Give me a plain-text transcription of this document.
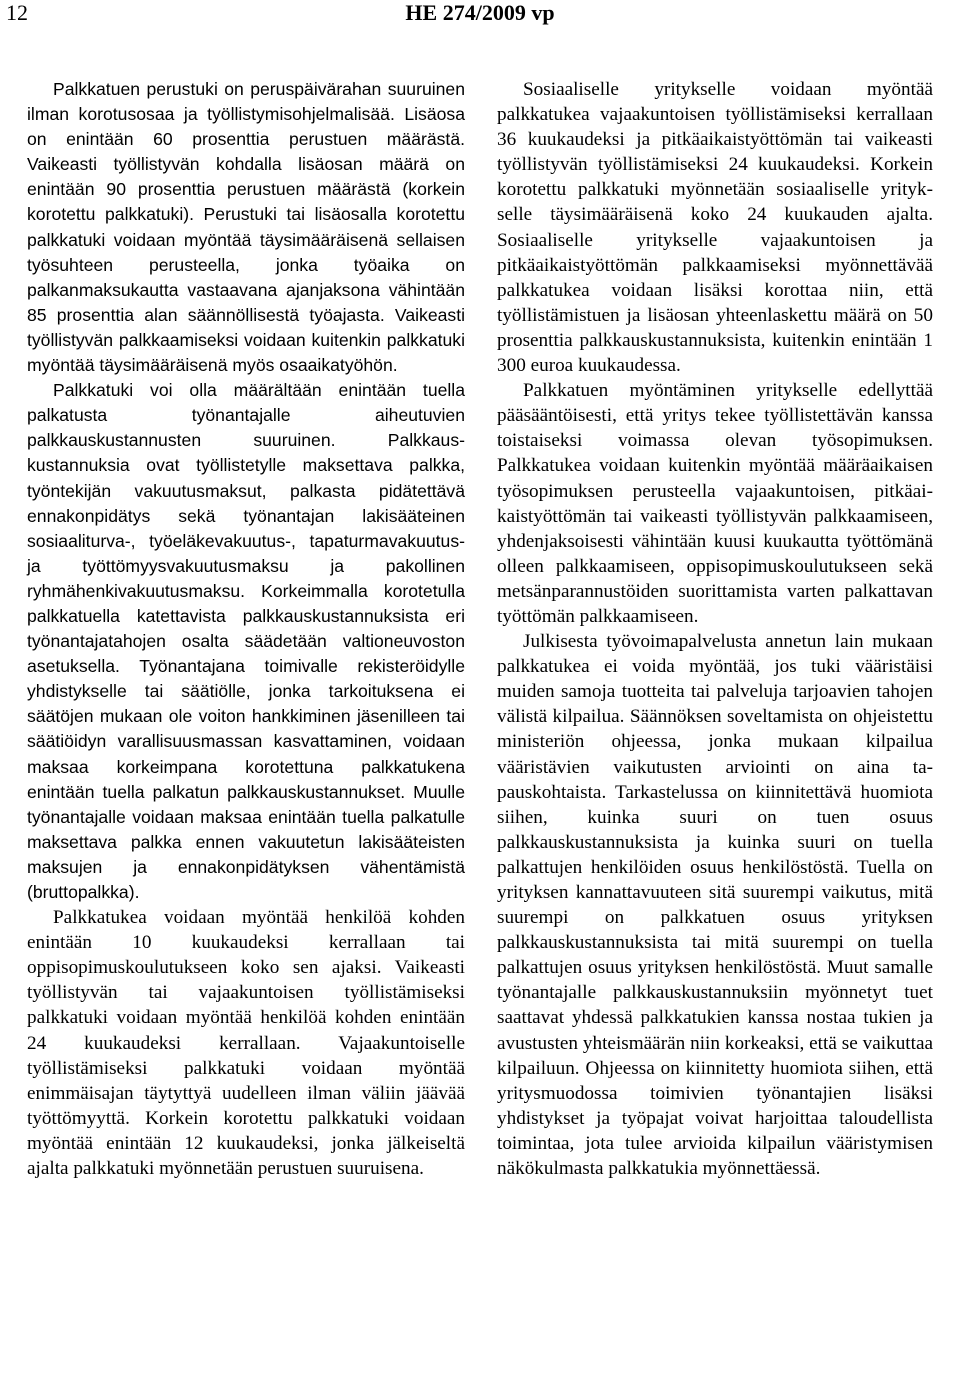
12	HE 274/2009 vp

Palkkatuen perustuki on peruspäivärahan suuruinen ilman korotusosaa ja työllistymisohjelmalisää. Lisäosa on enintään 60 prosenttia perustuen määrästä. Vaikeasti työllistyvän kohdalla lisäosan määrä on enintään 90 prosenttia perustuen määrästä (korkein korotettu palkkatuki). Perustuki tai lisäosalla korotettu palkkatuki voidaan myöntää täysimääräisenä sellaisen työsuhteen perusteella, jonka työaika on palkanmaksukautta vastaavana ajanjaksona vähintään 85 prosenttia alan säännöllisestä työajasta. Vaikeasti työllistyvän palkkaamiseksi voidaan kuitenkin palkkatuki myöntää täysimääräisenä myös osaaikatyöhön.

Palkkatuki voi olla määrältään enintään tuella palkatusta työnantajalle aiheutuvien palkkauskustannusten suuruinen. Palkkauskustannuksia ovat työllistetylle maksettava palkka, työntekijän vakuutusmaksut, palkasta pidätettävä ennakonpidätys sekä työnantajan lakisääteinen sosiaaliturva-, työeläkevakuutus-, tapaturmavakuutus- ja työttömyysvakuutusmaksu ja pakollinen ryhmähenkivakuutusmaksu. Korkeimmalla korotetulla palkkatuella katettavista palkkauskustannuksista eri työnantajatahojen osalta säädetään valtioneuvoston asetuksella. Työnantajana toimivalle rekisteröidylle yhdistykselle tai säätiölle, jonka tarkoituksena ei säätöjen mukaan ole voiton hankkiminen jäsenilleen tai säätiöidyn varallisuusmassan kasvattaminen, voidaan maksaa korkeimpana korotettuna palkkatukena enintään tuella palkatun palkkauskustannukset. Muulle työnantajalle voidaan maksaa enintään tuella palkatulle maksettava palkka ennen vakuutetun lakisääteisten maksujen ja ennakonpidätyksen vähentämistä (bruttopalkka).

Palkkatukea voidaan myöntää henkilöä kohden enintään 10 kuukaudeksi kerrallaan tai oppisopimuskoulutukseen koko sen ajaksi. Vaikeasti työllistyvän tai vajaakuntoisen työllistämiseksi palkkatuki voidaan myöntää henkilöä kohden enintään 24 kuukaudeksi kerrallaan. Vajaakuntoiselle työllistämiseksi palkkatuki voidaan myöntää enimmäisajan täytyttyä uudelleen ilman väliin jäävää työttömyyttä. Korkein korotettu palkkatuki voidaan myöntää enintään 12 kuukaudeksi, jonka jälkeiseltä ajalta palkkatuki myönnetään perustuen suuruisena.

Sosiaaliselle yritykselle voidaan myöntää palkkatukea vajaakuntoisen työllistämiseksi kerrallaan 36 kuukaudeksi ja pitkäaikaistyöttömän tai vaikeasti työllistyvän työllistämiseksi 24 kuukaudeksi. Korkein korotettu palkkatuki myönnetään sosiaaliselle yritykselle täysimääräisenä koko 24 kuukauden ajalta. Sosiaaliselle yritykselle vajaakuntoisen ja pitkäaikaistyöttömän palkkaamiseksi myönnettävää palkkatukea voidaan lisäksi korottaa niin, että työllistämistuen ja lisäosan yhteenlaskettu määrä on 50 prosenttia palkkauskustannuksista, kuitenkin enintään 1 300 euroa kuukaudessa.

Palkkatuen myöntäminen yritykselle edellyttää pääsääntöisesti, että yritys tekee työllistettävän kanssa toistaiseksi voimassa olevan työsopimuksen. Palkkatukea voidaan kuitenkin myöntää määräaikaisen työsopimuksen perusteella vajaakuntoisen, pitkäaikaistyöttömän tai vaikeasti työllistyvän palkkaamiseen, yhdenjaksoisesti vähintään kuusi kuukautta työttömänä olleen palkkaamiseen, oppisopimuskoulutukseen sekä metsänparannustöiden suorittamista varten palkattavan työttömän palkkaamiseen.

Julkisesta työvoimapalvelusta annetun lain mukaan palkkatukea ei voida myöntää, jos tuki vääristäisi muiden samoja tuotteita tai palveluja tarjoavien tahojen välistä kilpailua. Säännöksen soveltamista on ohjeistettu ministeriön ohjeessa, jonka mukaan kilpailua vääristävien vaikutusten arviointi on aina tapauskohtaista. Tarkastelussa on kiinnitettävä huomiota siihen, kuinka suuri on tuen osuus palkkauskustannuksista ja kuinka suuri on tuella palkattujen henkilöiden osuus henkilöstöstä. Tuella on yrityksen kannattavuuteen sitä suurempi vaikutus, mitä suurempi on palkkatuen osuus yrityksen palkkauskustannuksista tai mitä suurempi on tuella palkattujen osuus yrityksen henkilöstöstä. Muut samalle työnantajalle palkkauskustannuksiin myönnetyt tuet saattavat yhdessä palkkatukien kanssa nostaa tukien ja avustusten yhteismäärän niin korkeaksi, että se vaikuttaa kilpailuun. Ohjeessa on kiinnitetty huomiota siihen, että yritysmuodossa toimivien työnantajien lisäksi yhdistykset ja työpajat voivat harjoittaa taloudellista toimintaa, jota tulee arvioida kilpailun vääristymisen näkökulmasta palkkatukia myönnettäessä.
